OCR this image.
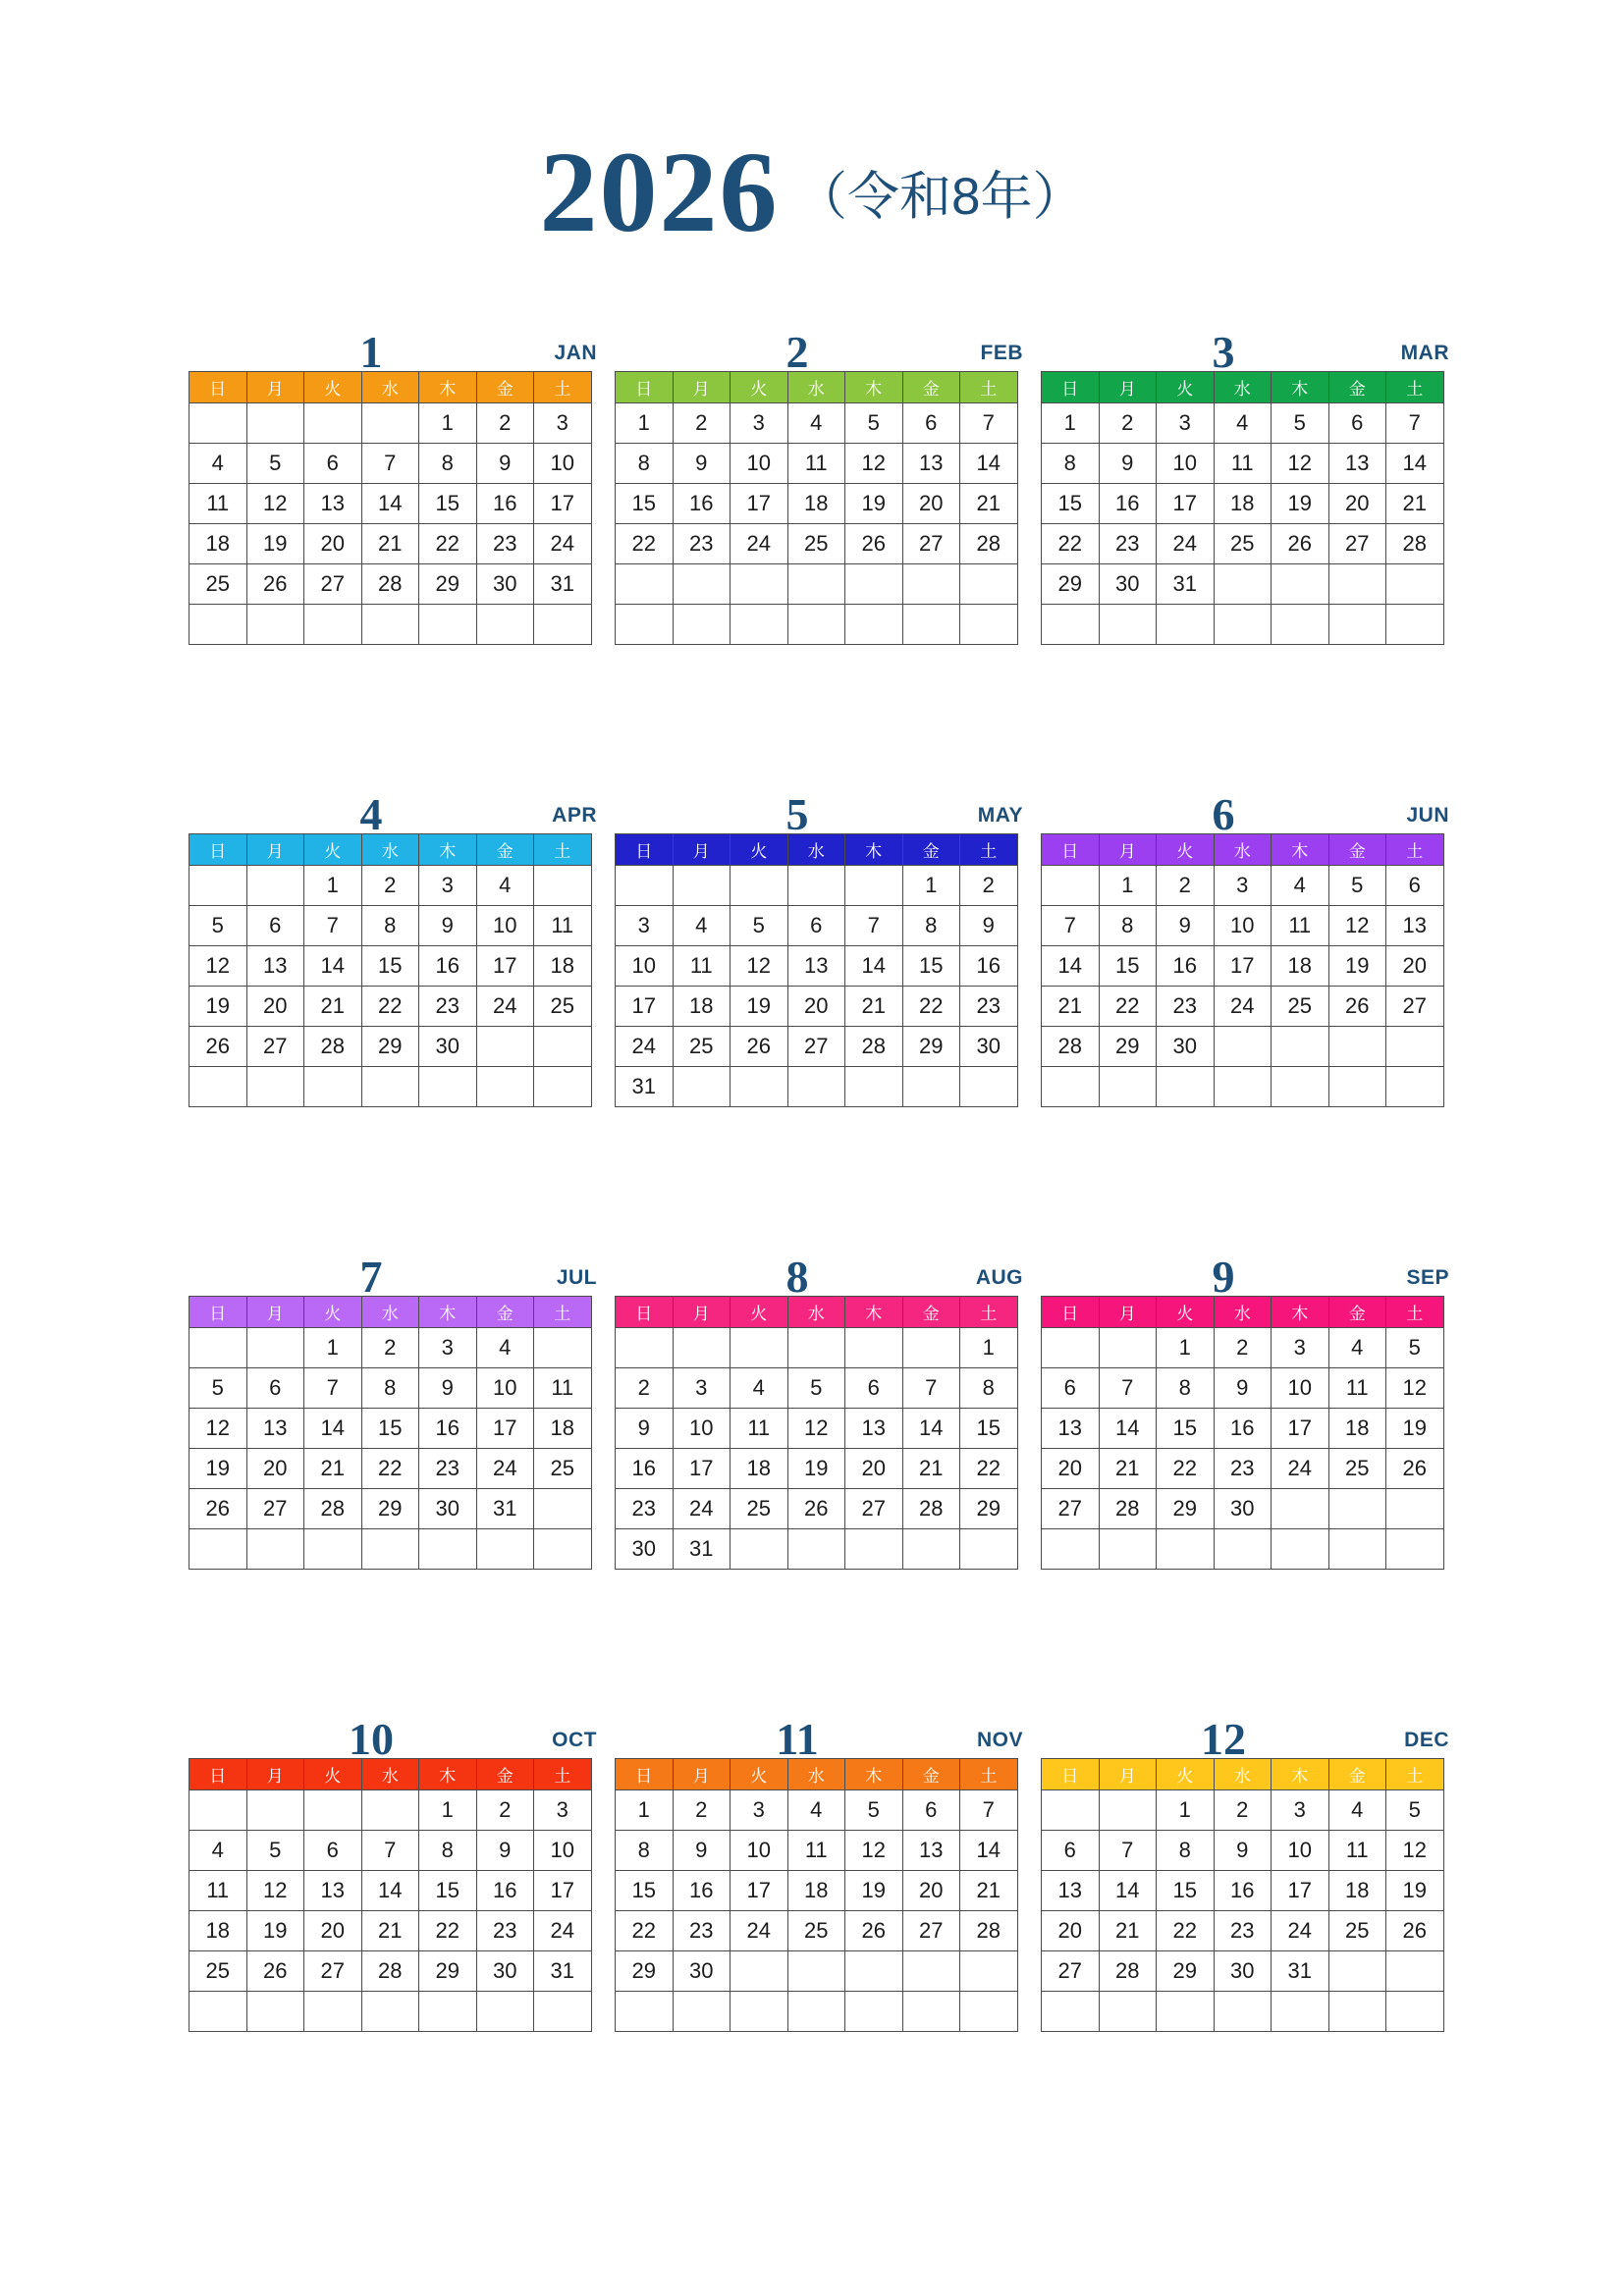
2026 （令和8年）
1	JAN
日	月	火	水	木	金	土
				1	2	3
4	5	6	7	8	9	10
11	12	13	14	15	16	17
18	19	20	21	22	23	24
25	26	27	28	29	30	31

2	FEB
日	月	火	水	木	金	土
1	2	3	4	5	6	7
8	9	10	11	12	13	14
15	16	17	18	19	20	21
22	23	24	25	26	27	28

3	MAR
日	月	火	水	木	金	土
1	2	3	4	5	6	7
8	9	10	11	12	13	14
15	16	17	18	19	20	21
22	23	24	25	26	27	28
29	30	31				

4	APR
日	月	火	水	木	金	土
		1	2	3	4	
5	6	7	8	9	10	11
12	13	14	15	16	17	18
19	20	21	22	23	24	25
26	27	28	29	30		

5	MAY
日	月	火	水	木	金	土
					1	2
3	4	5	6	7	8	9
10	11	12	13	14	15	16
17	18	19	20	21	22	23
24	25	26	27	28	29	30
31						
6	JUN
日	月	火	水	木	金	土
	1	2	3	4	5	6
7	8	9	10	11	12	13
14	15	16	17	18	19	20
21	22	23	24	25	26	27
28	29	30				

7	JUL
日	月	火	水	木	金	土
		1	2	3	4	
5	6	7	8	9	10	11
12	13	14	15	16	17	18
19	20	21	22	23	24	25
26	27	28	29	30	31	

8	AUG
日	月	火	水	木	金	土
						1
2	3	4	5	6	7	8
9	10	11	12	13	14	15
16	17	18	19	20	21	22
23	24	25	26	27	28	29
30	31					
9	SEP
日	月	火	水	木	金	土
		1	2	3	4	5
6	7	8	9	10	11	12
13	14	15	16	17	18	19
20	21	22	23	24	25	26
27	28	29	30			

10	OCT
日	月	火	水	木	金	土
				1	2	3
4	5	6	7	8	9	10
11	12	13	14	15	16	17
18	19	20	21	22	23	24
25	26	27	28	29	30	31

11	NOV
日	月	火	水	木	金	土
1	2	3	4	5	6	7
8	9	10	11	12	13	14
15	16	17	18	19	20	21
22	23	24	25	26	27	28
29	30					

12	DEC
日	月	火	水	木	金	土
		1	2	3	4	5
6	7	8	9	10	11	12
13	14	15	16	17	18	19
20	21	22	23	24	25	26
27	28	29	30	31		
